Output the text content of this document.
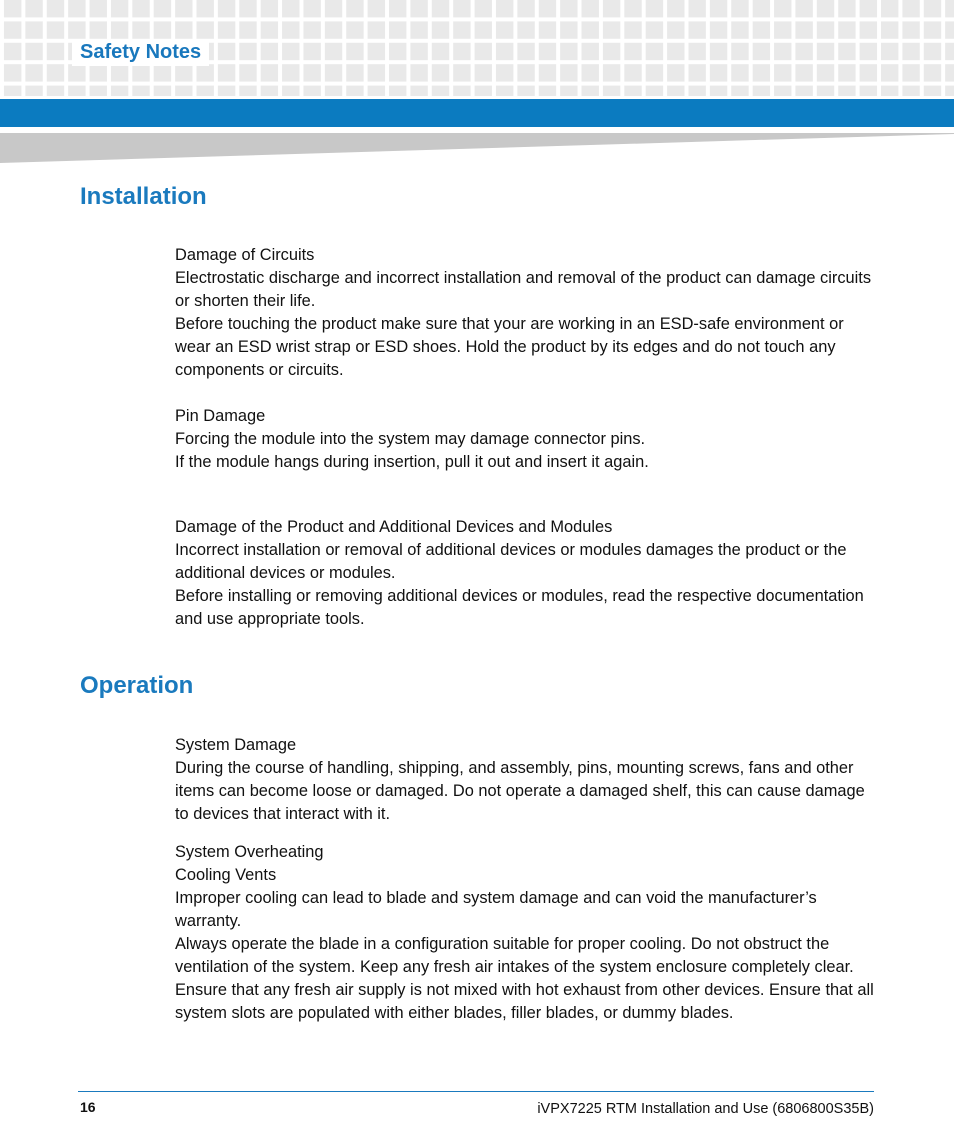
Safety Notes
Installation

Damage of Circuits

Electrostatic discharge and incorrect installation and removal of the product can damage circuits or shorten their life.

Before touching the product make sure that your are working in an ESD-safe environment or wear an ESD wrist strap or ESD shoes. Hold the product by its edges and do not touch any components or circuits.

Pin Damage

Forcing the module into the system may damage connector pins.

If the module hangs during insertion, pull it out and insert it again.

Damage of the Product and Additional Devices and Modules

Incorrect installation or removal of additional devices or modules damages the product or the additional devices or modules.

Before installing or removing additional devices or modules, read the respective documentation and use appropriate tools.

Operation

System Damage

During the course of handling, shipping, and assembly, pins, mounting screws, fans and other items can become loose or damaged. Do not operate a damaged shelf, this can cause damage to devices that interact with it.

System Overheating

Cooling Vents

Improper cooling can lead to blade and system damage and can void the manufacturer’s warranty.

Always operate the blade in a configuration suitable for proper cooling. Do not obstruct the ventilation of the system. Keep any fresh air intakes of the system enclosure completely clear. Ensure that any fresh air supply is not mixed with hot exhaust from other devices. Ensure that all system slots are populated with either blades, filler blades, or dummy blades.

16	iVPX7225 RTM Installation and Use (6806800S35B)
